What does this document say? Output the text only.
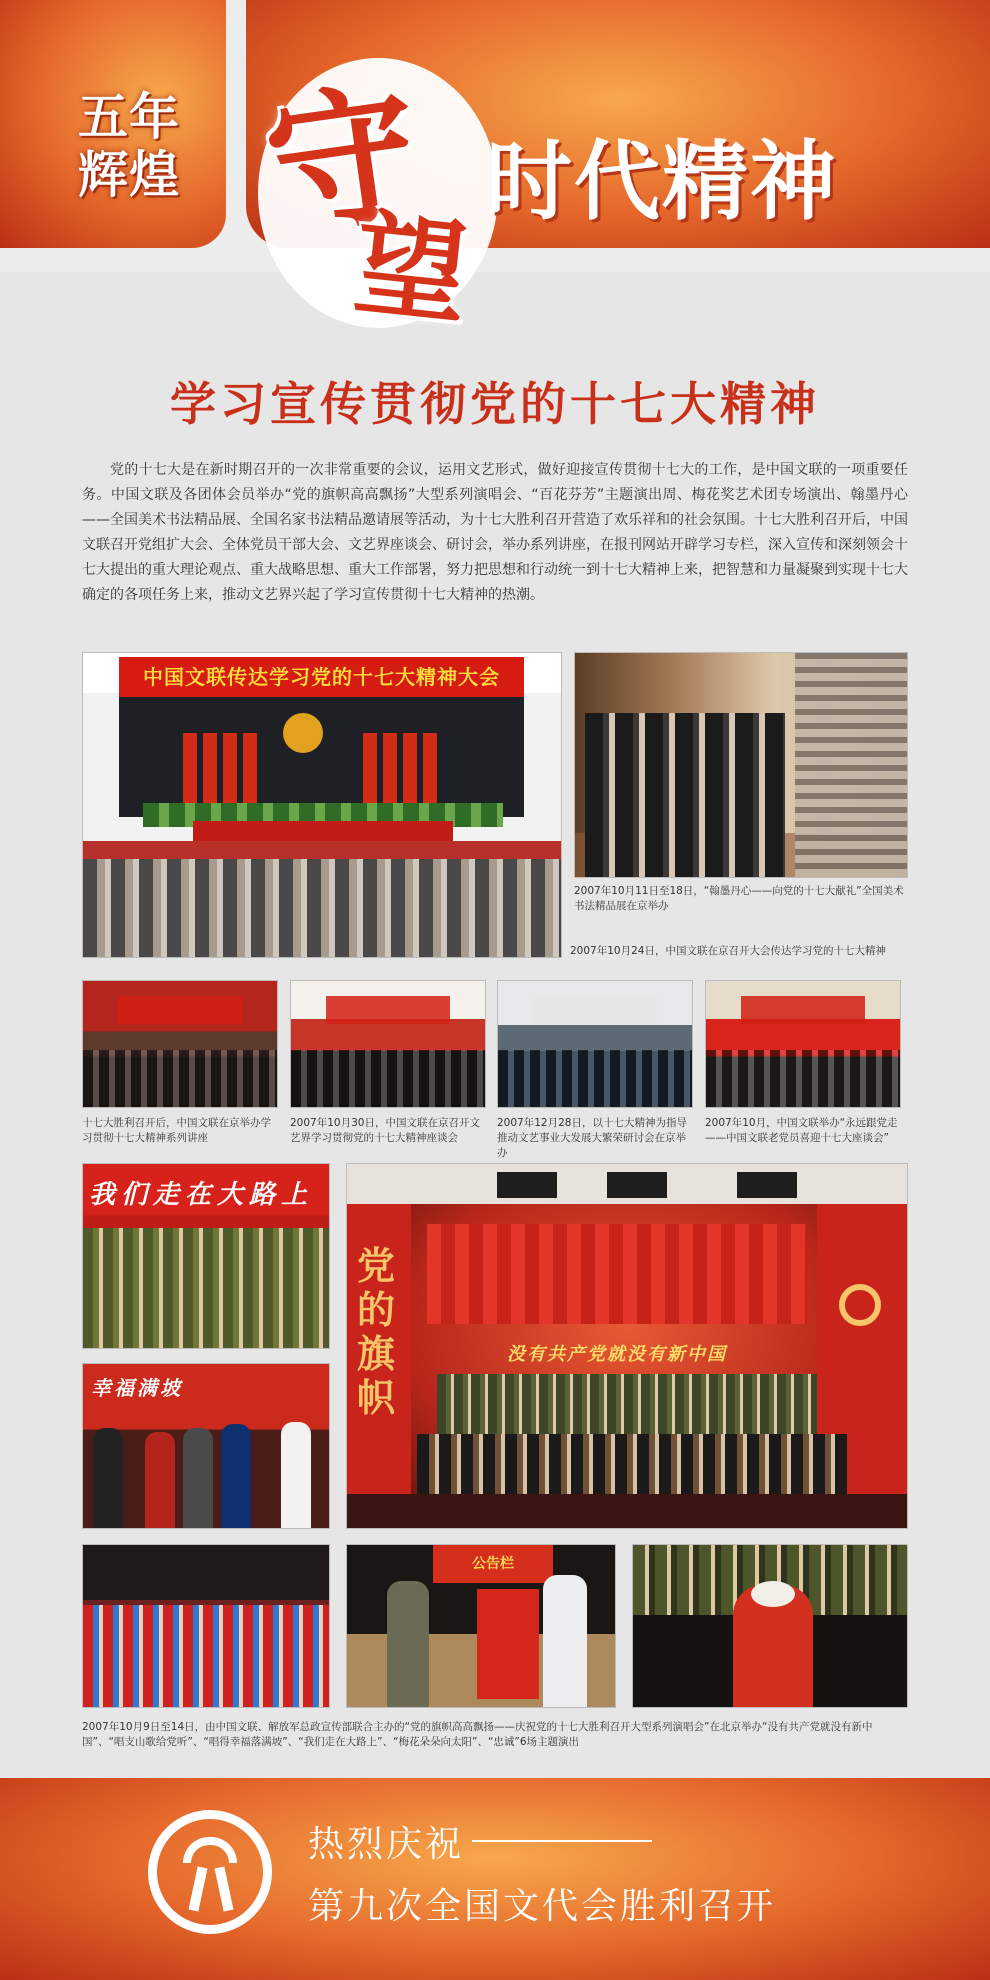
五年辉煌 守
望
时代精神
学习宣传贯彻党的十七大精神

党的十七大是在新时期召开的一次非常重要的会议，运用文艺形式，做好迎接宣传贯彻十七大的工作，是中国文联的一项重要任务。中国文联及各团体会员举办“党的旗帜高高飘扬”大型系列演唱会、“百花芬芳”主题演出周、梅花奖艺术团专场演出、翰墨丹心——全国美术书法精品展、全国名家书法精品邀请展等活动，为十七大胜利召开营造了欢乐祥和的社会氛围。十七大胜利召开后，中国文联召开党组扩大会、全体党员干部大会、文艺界座谈会、研讨会，举办系列讲座，在报刊网站开辟学习专栏，深入宣传和深刻领会十七大提出的重大理论观点、重大战略思想、重大工作部署，努力把思想和行动统一到十七大精神上来，把智慧和力量凝聚到实现十七大确定的各项任务上来，推动文艺界兴起了学习宣传贯彻十七大精神的热潮。

中国文联传达学习党的十七大精神大会
2007年10月24日，中国文联在京召开大会传达学习党的十七大精神
2007年10月11日至18日，“翰墨丹心——向党的十七大献礼”全国美术书法精品展在京举办
十七大胜利召开后，中国文联在京举办学习贯彻十七大精神系列讲座
2007年10月30日，中国文联在京召开文艺界学习贯彻党的十七大精神座谈会
2007年12月28日，以十七大精神为指导推动文艺事业大发展大繁荣研讨会在京举办
2007年10月，中国文联举办“永远跟党走——中国文联老党员喜迎十七大座谈会”
我们走在大路上
幸福满坡
党的旗帜
没有共产党就没有新中国
公告栏
2007年10月9日至14日，由中国文联、解放军总政宣传部联合主办的“党的旗帜高高飘扬——庆祝党的十七大胜利召开大型系列演唱会”在北京举办“没有共产党就没有新中国”、“唱支山歌给党听”、“唱得幸福落满坡”、“我们走在大路上”、“梅花朵朵向太阳”、“忠诚”6场主题演出
热烈庆祝
第九次全国文代会胜利召开
